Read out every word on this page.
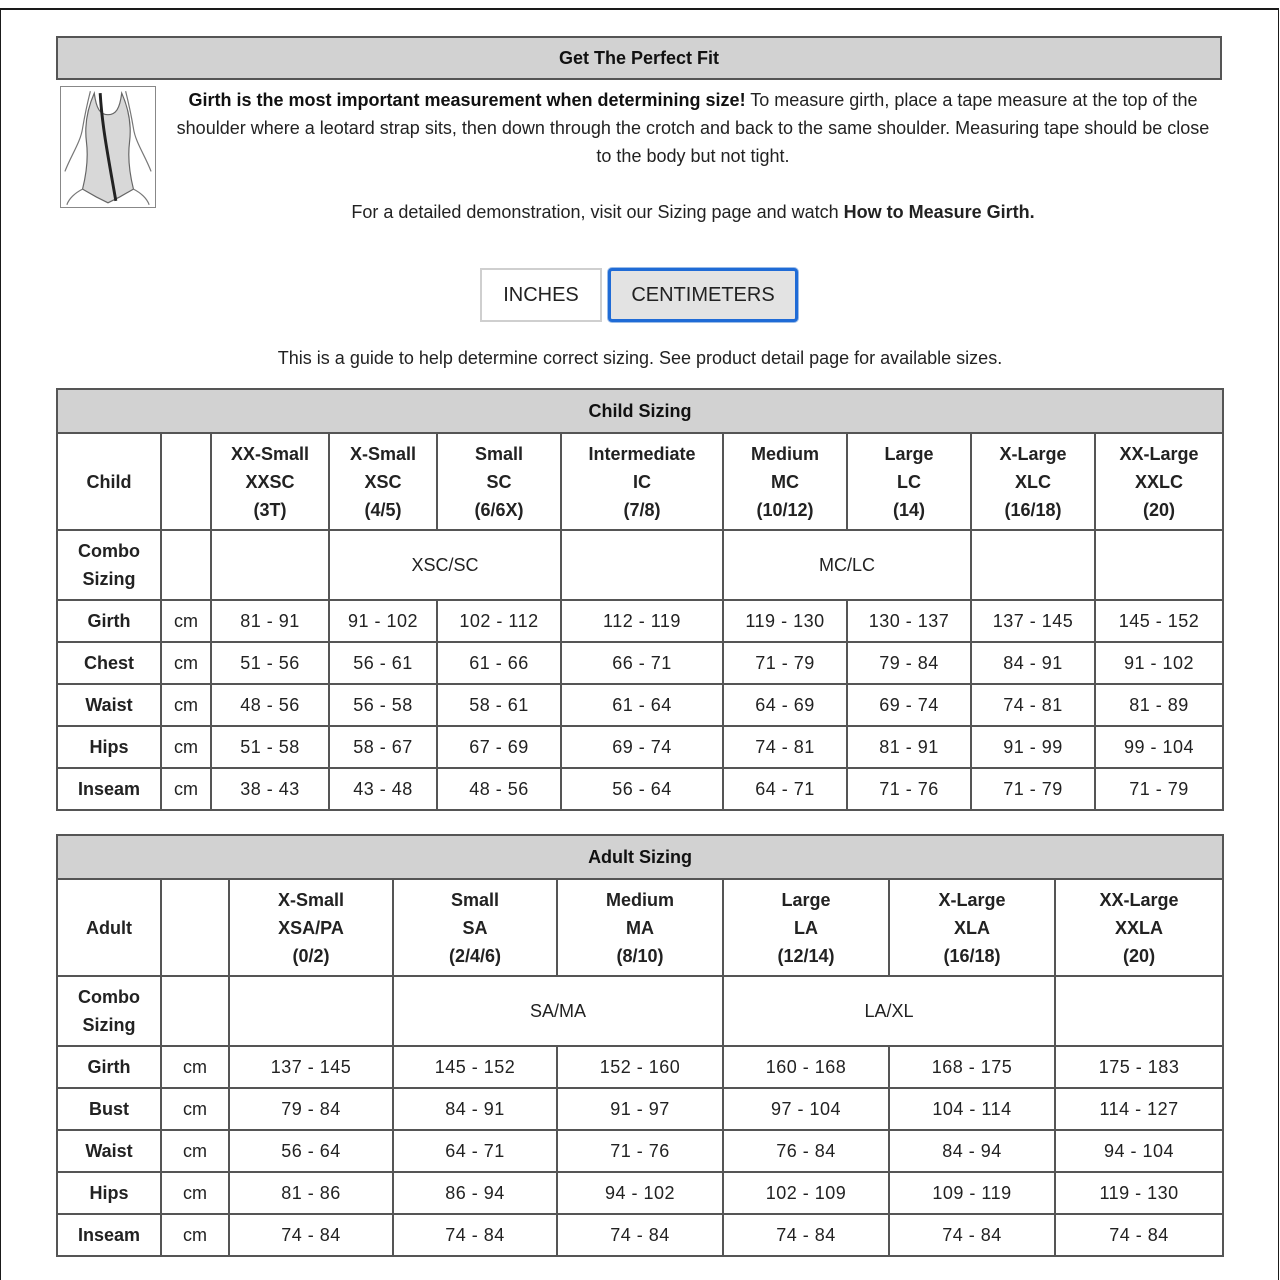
Get The Perfect Fit
Girth is the most important measurement when determining size! To measure girth, place a tape measure at the top of the shoulder where a leotard strap sits, then down through the crotch and back to the same shoulder. Measuring tape should be close to the body but not tight.
For a detailed demonstration, visit our Sizing page and watch How to Measure Girth.
INCHES	CENTIMETERS
This is a guide to help determine correct sizing. See product detail page for available sizes.
Child Sizing									
Child		XX-Small
XXSC
(3T)	X-Small
XSC
(4/5)	Small
SC
(6/6X)	Intermediate
IC
(7/8)	Medium
MC
(10/12)	Large
LC
(14)	X-Large
XLC
(16/18)	XX-Large
XXLC
(20)
Combo
Sizing			XSC/SC			MC/LC			
Girth	cm	81 - 91	91 - 102	102 - 112	112 - 119	119 - 130	130 - 137	137 - 145	145 - 152
Chest	cm	51 - 56	56 - 61	61 - 66	66 - 71	71 - 79	79 - 84	84 - 91	91 - 102
Waist	cm	48 - 56	56 - 58	58 - 61	61 - 64	64 - 69	69 - 74	74 - 81	81 - 89
Hips	cm	51 - 58	58 - 67	67 - 69	69 - 74	74 - 81	81 - 91	91 - 99	99 - 104
Inseam	cm	38 - 43	43 - 48	48 - 56	56 - 64	64 - 71	71 - 76	71 - 79	71 - 79
Adult Sizing							
Adult		X-Small
XSA/PA
(0/2)	Small
SA
(2/4/6)	Medium
MA
(8/10)	Large
LA
(12/14)	X-Large
XLA
(16/18)	XX-Large
XXLA
(20)
Combo
Sizing			SA/MA		LA/XL		
Girth	cm	137 - 145	145 - 152	152 - 160	160 - 168	168 - 175	175 - 183
Bust	cm	79 - 84	84 - 91	91 - 97	97 - 104	104 - 114	114 - 127
Waist	cm	56 - 64	64 - 71	71 - 76	76 - 84	84 - 94	94 - 104
Hips	cm	81 - 86	86 - 94	94 - 102	102 - 109	109 - 119	119 - 130
Inseam	cm	74 - 84	74 - 84	74 - 84	74 - 84	74 - 84	74 - 84
